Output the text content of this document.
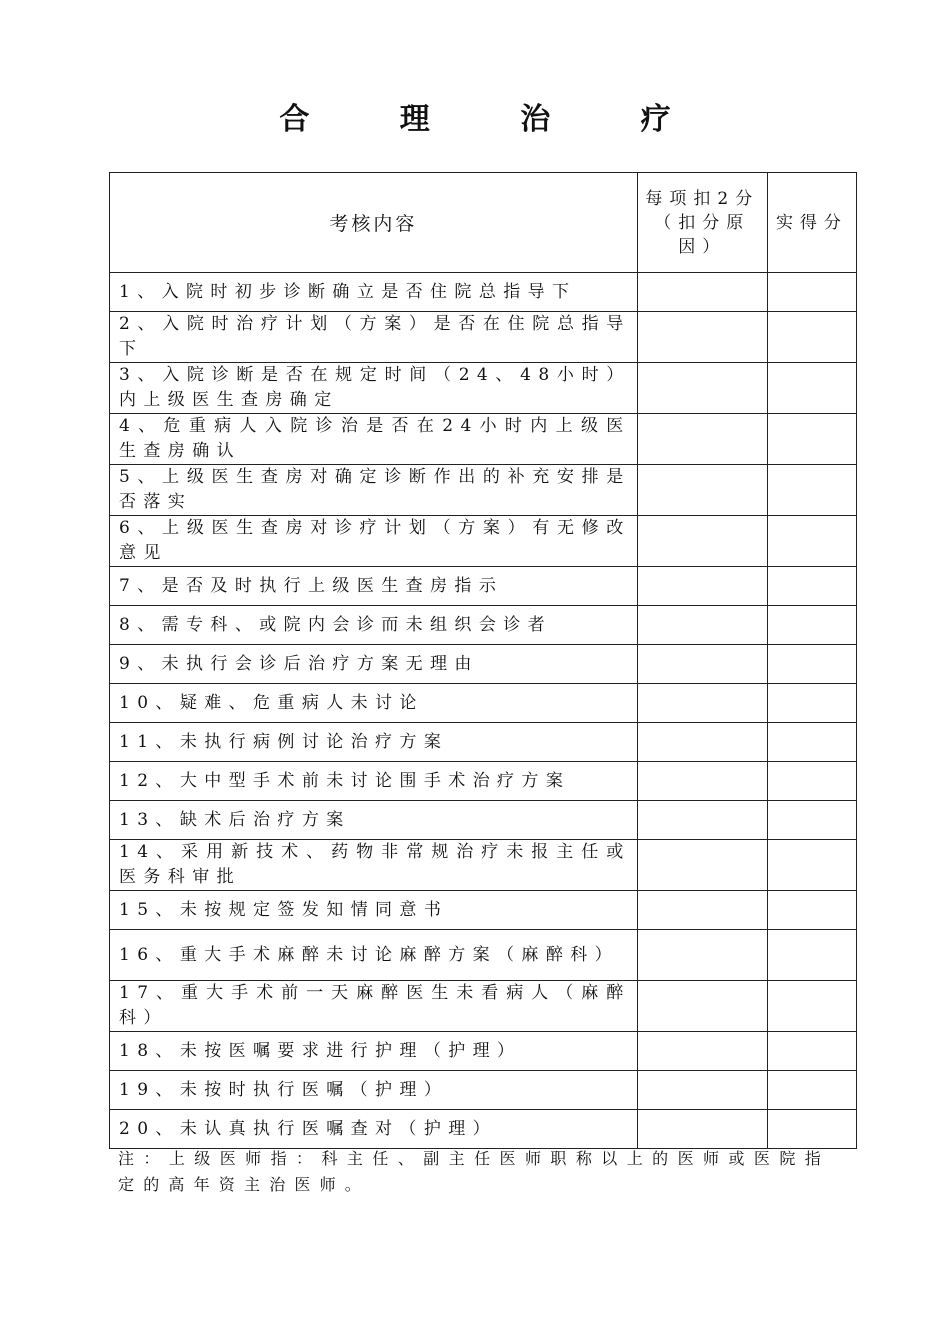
合 理 治 疗
考核内容	每项扣2分（扣分原因）	实得分
1、入院时初步诊断确立是否住院总指导下		
2、入院时治疗计划（方案）是否在住院总指导下		
3、入院诊断是否在规定时间（24、48小时）内上级医生查房确定		
4、危重病人入院诊治是否在24小时内上级医生查房确认		
5、上级医生查房对确定诊断作出的补充安排是否落实		
6、上级医生查房对诊疗计划（方案）有无修改意见		
7、是否及时执行上级医生查房指示		
8、需专科、或院内会诊而未组织会诊者		
9、未执行会诊后治疗方案无理由		
10、疑难、危重病人未讨论		
11、未执行病例讨论治疗方案		
12、大中型手术前未讨论围手术治疗方案		
13、缺术后治疗方案		
14、采用新技术、药物非常规治疗未报主任或医务科审批		
15、未按规定签发知情同意书		
16、重大手术麻醉未讨论麻醉方案（麻醉科）		
17、重大手术前一天麻醉医生未看病人（麻醉科）		
18、未按医嘱要求进行护理（护理）		
19、未按时执行医嘱（护理）		
20、未认真执行医嘱查对（护理）		
注：上级医师指：科主任、副主任医师职称以上的医师或医院指定的高年资主治医师。
